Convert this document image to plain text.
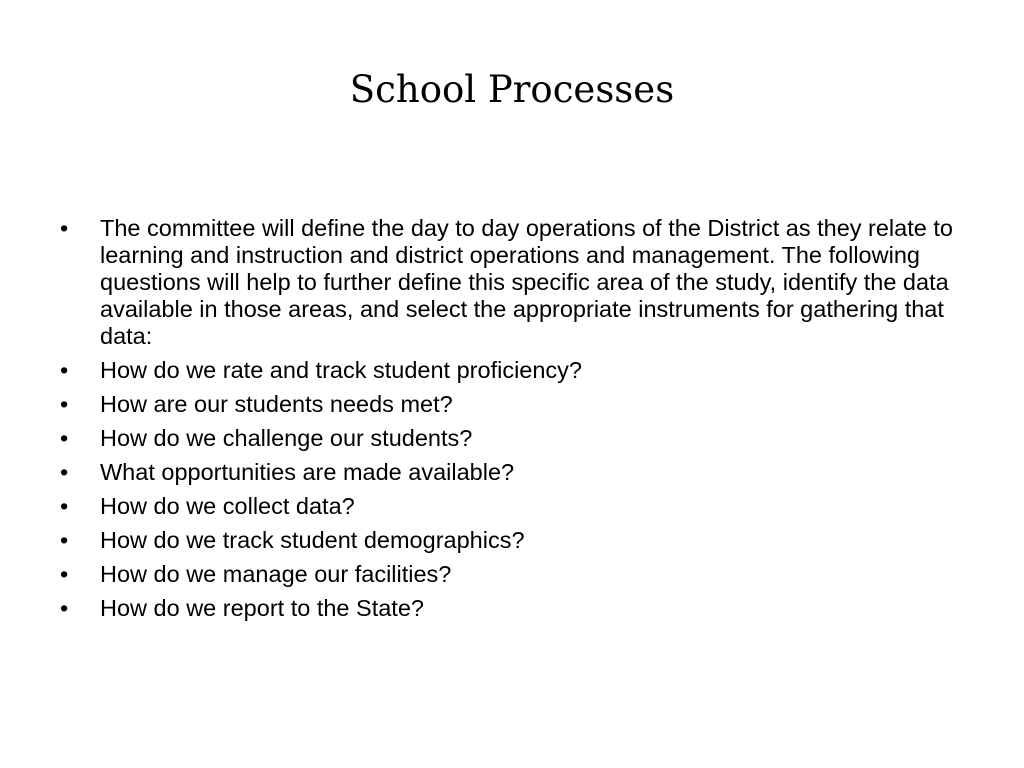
School Processes
•	The committee will define the day to day operations of the District as they relate to learning and instruction and district operations and management. The following questions will help to further define this specific area of the study, identify the data available in those areas, and select the appropriate instruments for gathering that data:
•	How do we rate and track student proficiency?
•	How are our students needs met?
•	How do we challenge our students?
•	What opportunities are made available?
•	How do we collect data?
•	How do we track student demographics?
•	How do we manage our facilities?
•	How do we report to the State?
